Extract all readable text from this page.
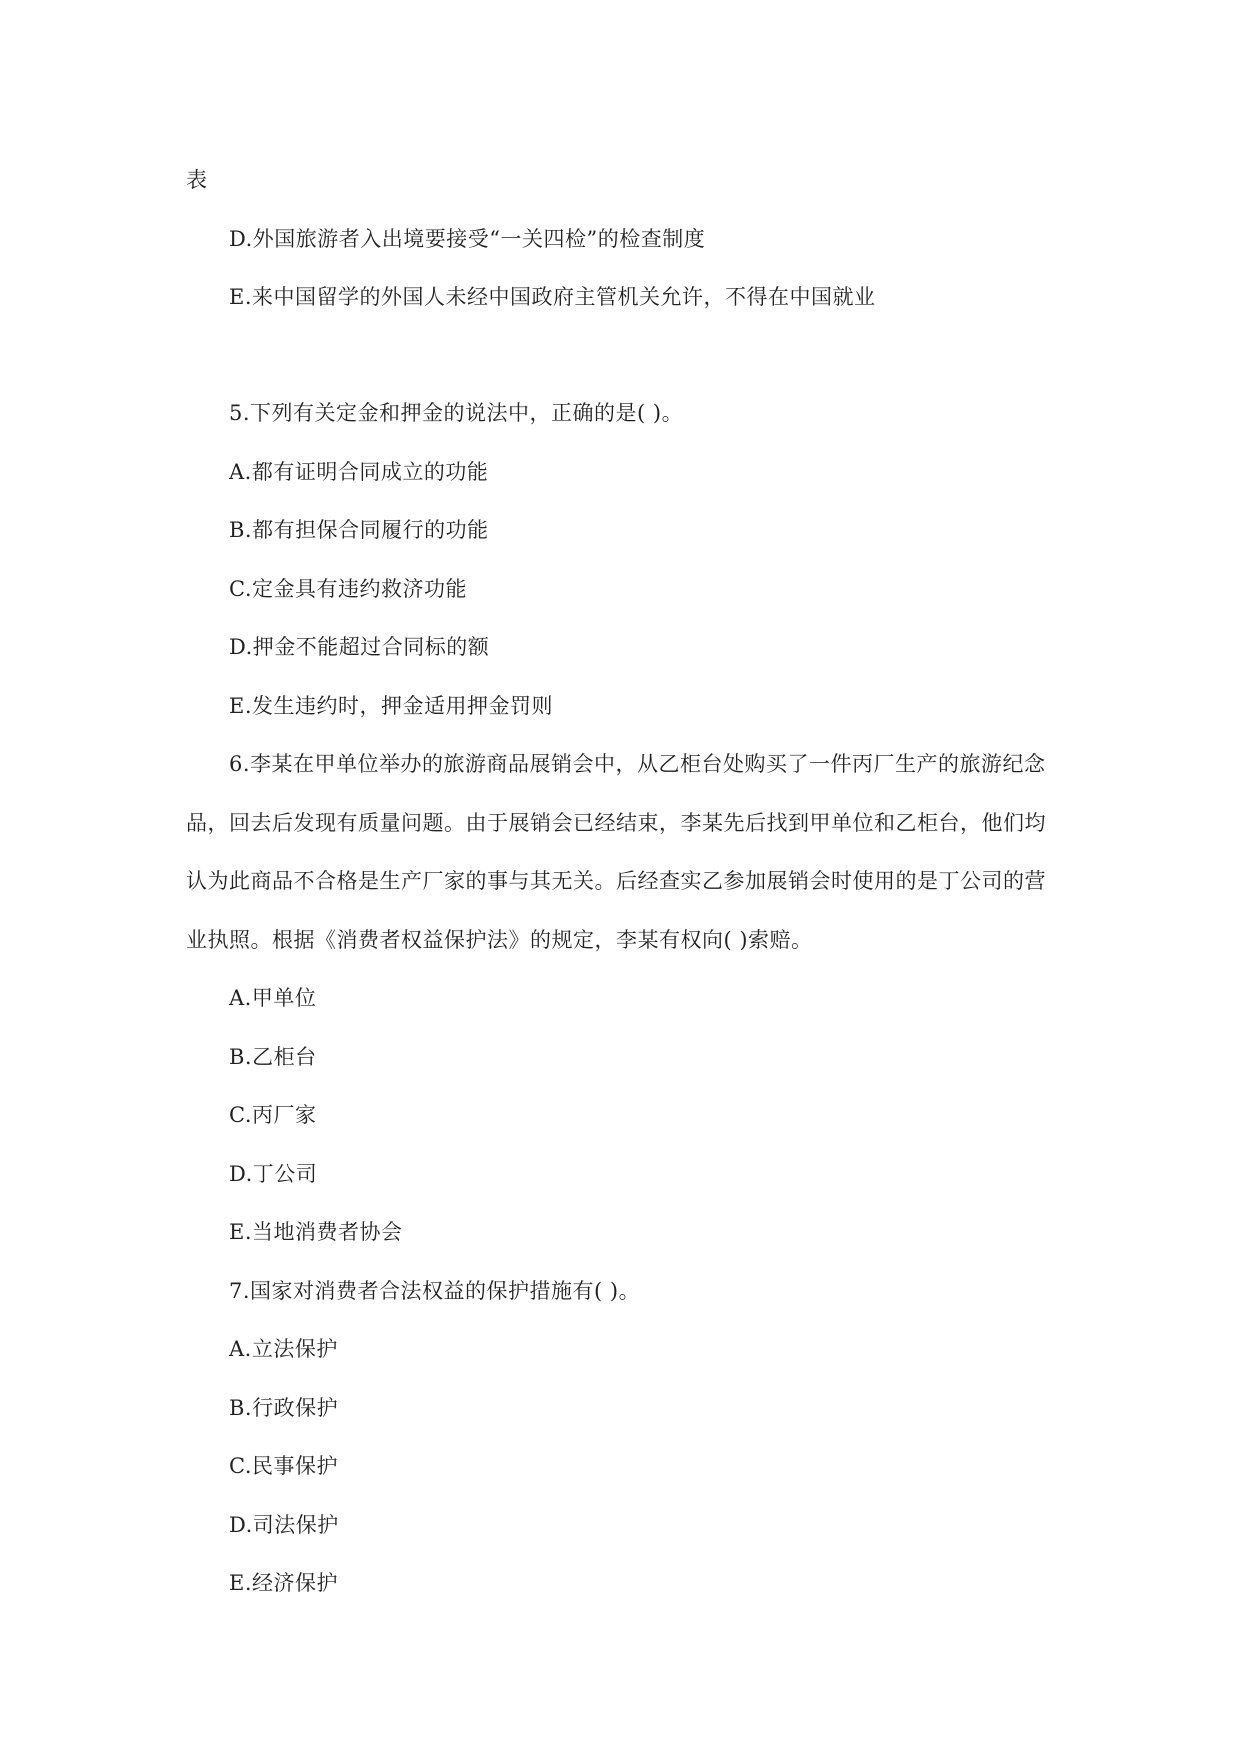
表
D.外国旅游者入出境要接受“一关四检”的检查制度
E.来中国留学的外国人未经中国政府主管机关允许，不得在中国就业
5.下列有关定金和押金的说法中，正确的是( )。
A.都有证明合同成立的功能
B.都有担保合同履行的功能
C.定金具有违约救济功能
D.押金不能超过合同标的额
E.发生违约时，押金适用押金罚则
6.李某在甲单位举办的旅游商品展销会中，从乙柜台处购买了一件丙厂生产的旅游纪念
品，回去后发现有质量问题。由于展销会已经结束，李某先后找到甲单位和乙柜台，他们均
认为此商品不合格是生产厂家的事与其无关。后经查实乙参加展销会时使用的是丁公司的营
业执照。根据《消费者权益保护法》的规定，李某有权向( )索赔。
A.甲单位
B.乙柜台
C.丙厂家
D.丁公司
E.当地消费者协会
7.国家对消费者合法权益的保护措施有( )。
A.立法保护
B.行政保护
C.民事保护
D.司法保护
E.经济保护
